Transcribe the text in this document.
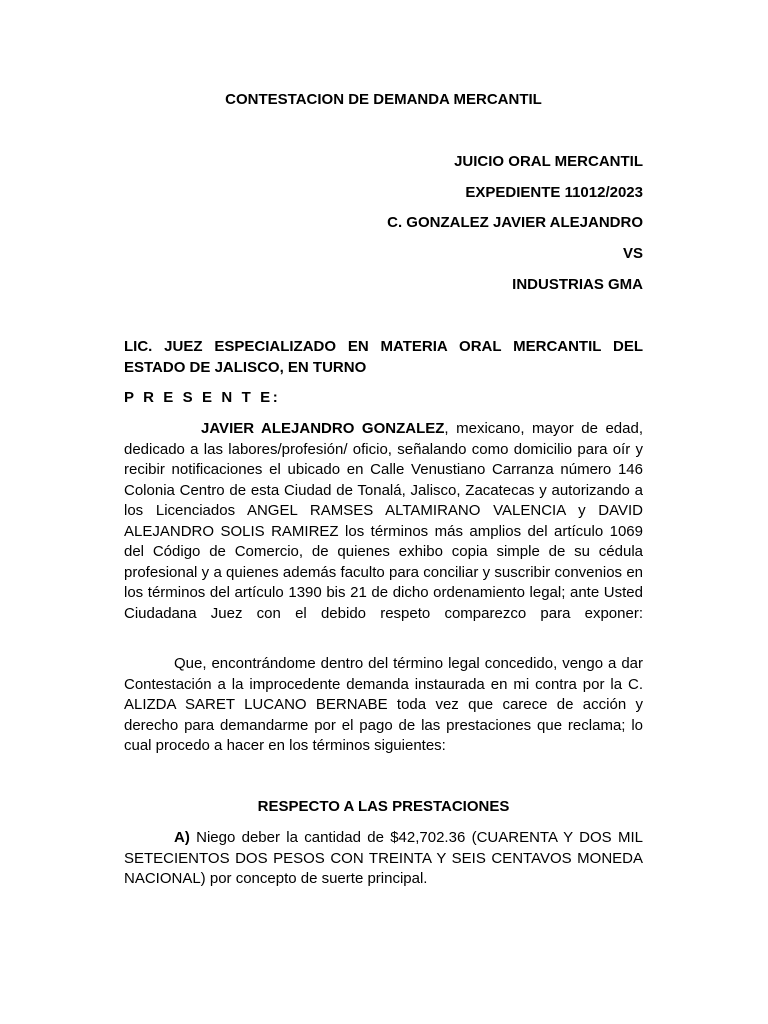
CONTESTACION DE DEMANDA MERCANTIL

JUICIO ORAL MERCANTIL

EXPEDIENTE 11012/2023

C. GONZALEZ JAVIER ALEJANDRO

VS

INDUSTRIAS GMA

LIC. JUEZ ESPECIALIZADO EN MATERIA ORAL MERCANTIL DEL ESTADO DE JALISCO, EN TURNO

P R E S E N T E:

JAVIER ALEJANDRO GONZALEZ, mexicano, mayor de edad, dedicado a las labores/profesión/ oficio, señalando como domicilio para oír y recibir notificaciones el ubicado en Calle Venustiano Carranza número 146 Colonia Centro de esta Ciudad de Tonalá, Jalisco, Zacatecas y autorizando a los Licenciados ANGEL RAMSES ALTAMIRANO VALENCIA y DAVID ALEJANDRO SOLIS RAMIREZ los términos más amplios del artículo 1069 del Código de Comercio, de quienes exhibo copia simple de su cédula profesional y a quienes además faculto para conciliar y suscribir convenios en los términos del artículo 1390 bis 21 de dicho ordenamiento legal; ante Usted Ciudadana Juez con el debido respeto comparezco para exponer:

Que, encontrándome dentro del término legal concedido, vengo a dar Contestación a la improcedente demanda instaurada en mi contra por la C. ALIZDA SARET LUCANO BERNABE toda vez que carece de acción y derecho para demandarme por el pago de las prestaciones que reclama; lo cual procedo a hacer en los términos siguientes:

RESPECTO A LAS PRESTACIONES

A) Niego deber la cantidad de $42,702.36 (CUARENTA Y DOS MIL SETECIENTOS DOS PESOS CON TREINTA Y SEIS CENTAVOS MONEDA NACIONAL) por concepto de suerte principal.
